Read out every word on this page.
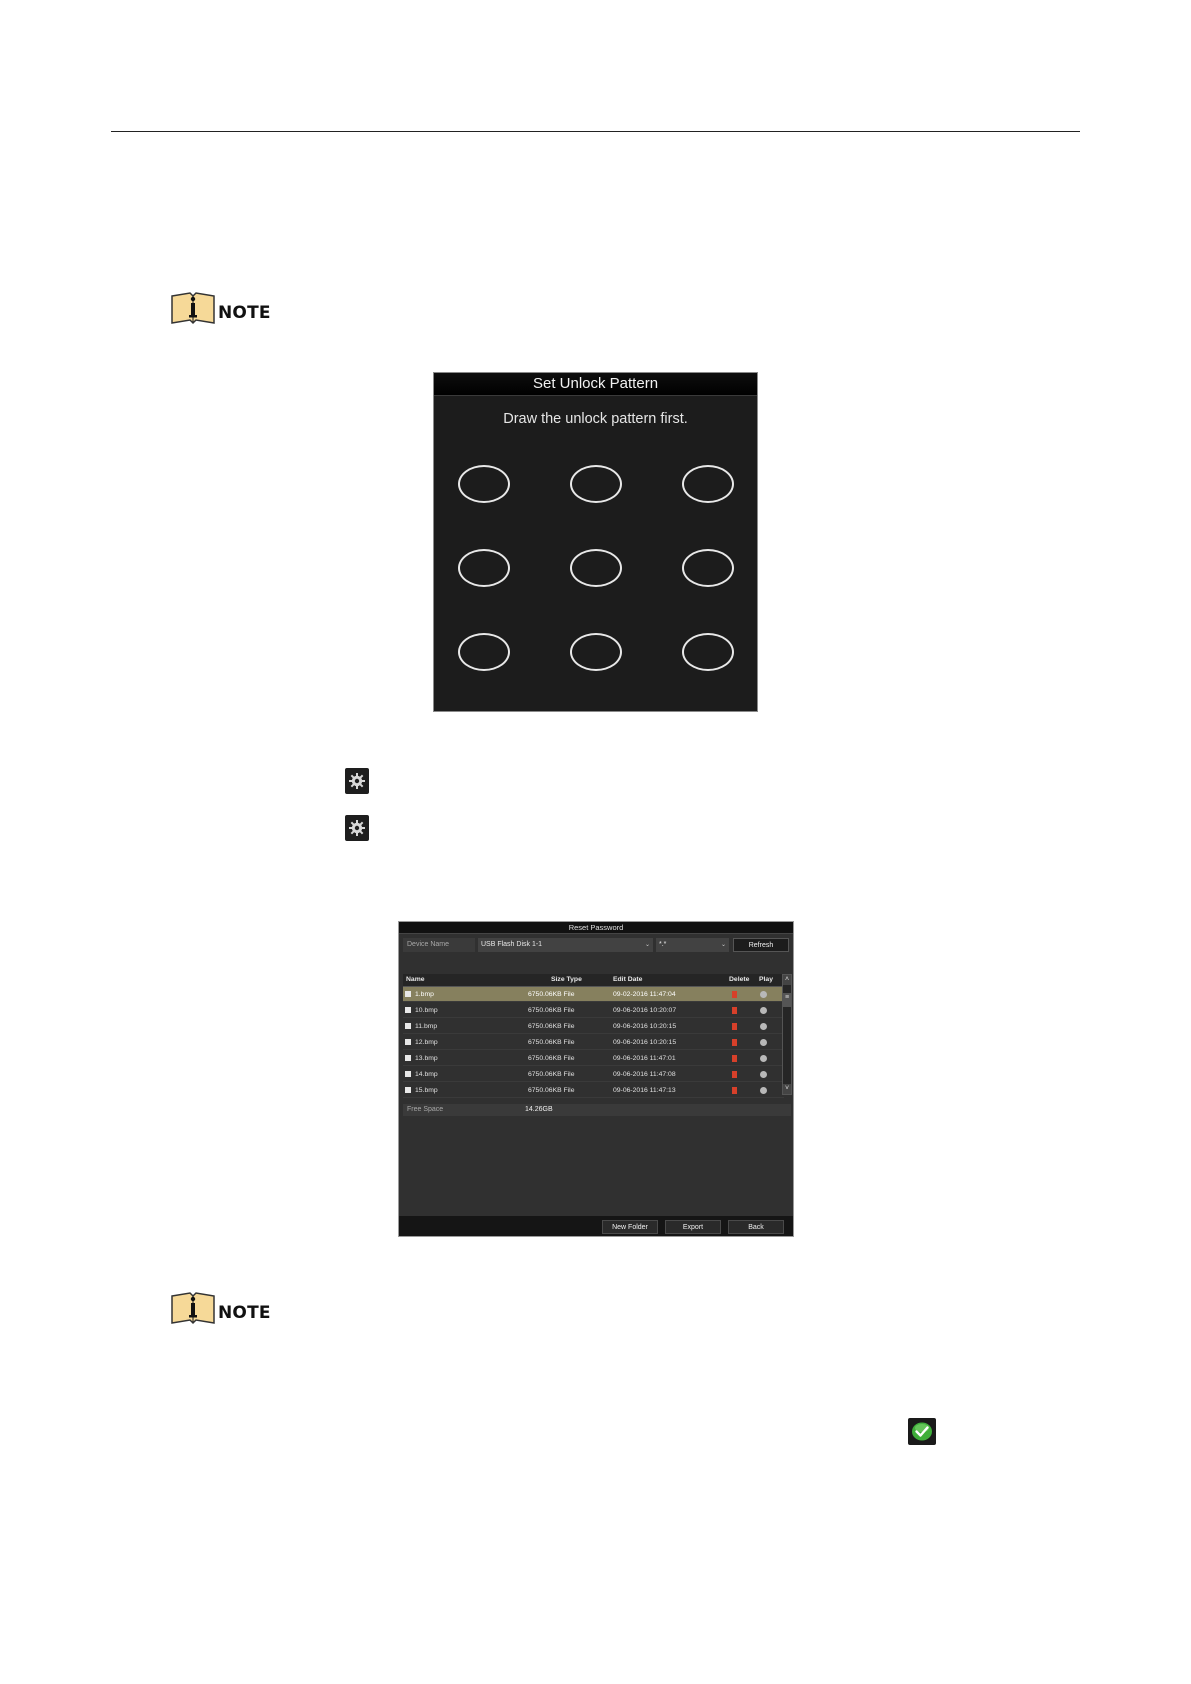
NOTE
Set Unlock Pattern
Draw the unlock pattern first.
Reset Password
Device Name	USB Flash Disk 1-1	⌄	*.*	⌄	Refresh
Name	Size Type	Edit Date	Delete Play
1.bmp	6750.06KB File	09-02-2016 11:47:04
10.bmp	6750.06KB File	09-06-2016 10:20:07
11.bmp	6750.06KB File	09-06-2016 10:20:15
12.bmp	6750.06KB File	09-06-2016 10:20:15
13.bmp	6750.06KB File	09-06-2016 11:47:01
14.bmp	6750.06KB File	09-06-2016 11:47:08
15.bmp	6750.06KB File	09-06-2016 11:47:13
˄
≡
˅
Free Space	14.26GB
New Folder	Export	Back
NOTE
